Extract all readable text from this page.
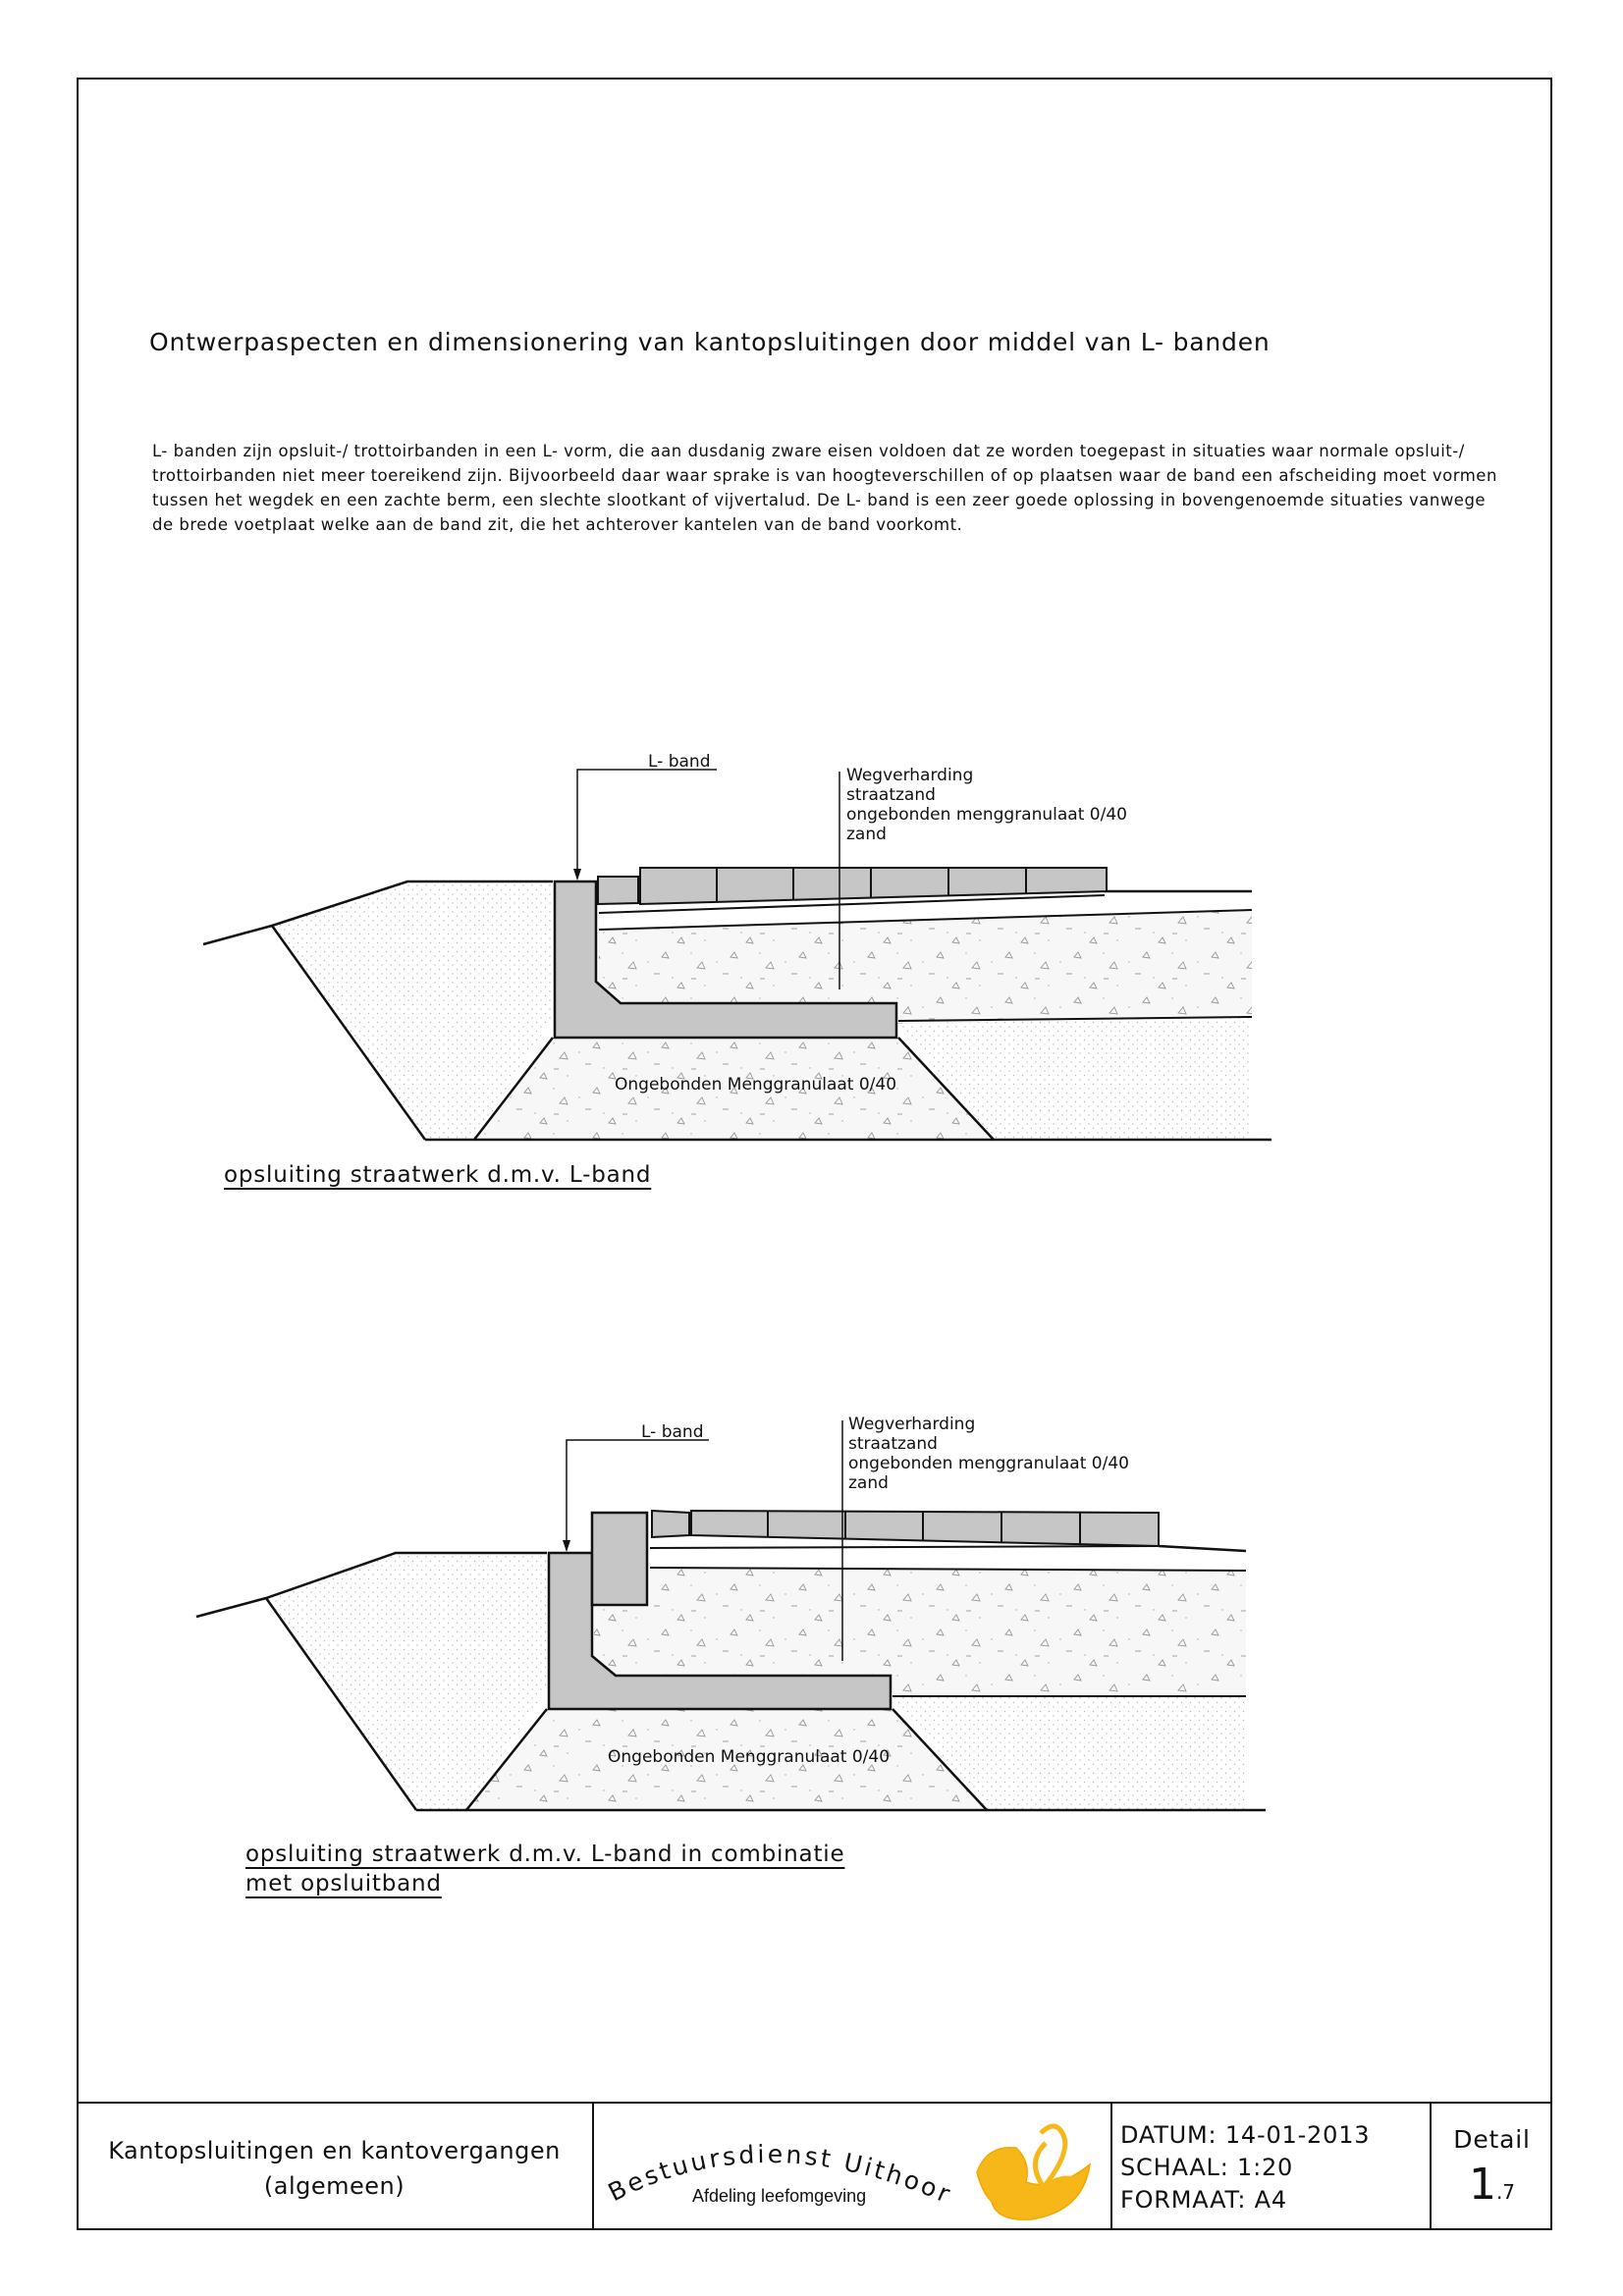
Ontwerpaspecten en dimensionering van kantopsluitingen door middel van L- banden
L- banden zijn opsluit-/ trottoirbanden in een L- vorm, die aan dusdanig zware eisen voldoen dat ze worden toegepast in situaties waar normale opsluit-/
trottoirbanden niet meer toereikend zijn. Bijvoorbeeld daar waar sprake is van hoogteverschillen of op plaatsen waar de band een afscheiding moet vormen
tussen het wegdek en een zachte berm, een slechte slootkant of vijvertalud. De L- band is een zeer goede oplossing in bovengenoemde situaties vanwege
de brede voetplaat welke aan de band zit, die het achterover kantelen van de band voorkomt.
L- band
Wegverharding
straatzand
ongebonden menggranulaat 0/40
zand
Ongebonden Menggranulaat 0/40
L- band	Wegverharding
straatzand
ongebonden menggranulaat 0/40
zand
Ongebonden Menggranulaat 0/40
opsluiting straatwerk d.m.v. L-band
opsluiting straatwerk d.m.v. L-band in combinatie
met opsluitband
Kantopsluitingen en kantovergangen
(algemeen)	Bestuursdienst Uithoor
Afdeling leefomgeving
DATUM: 14-01-2013
SCHAAL: 1:20
FORMAAT: A4
Detail
1.7
